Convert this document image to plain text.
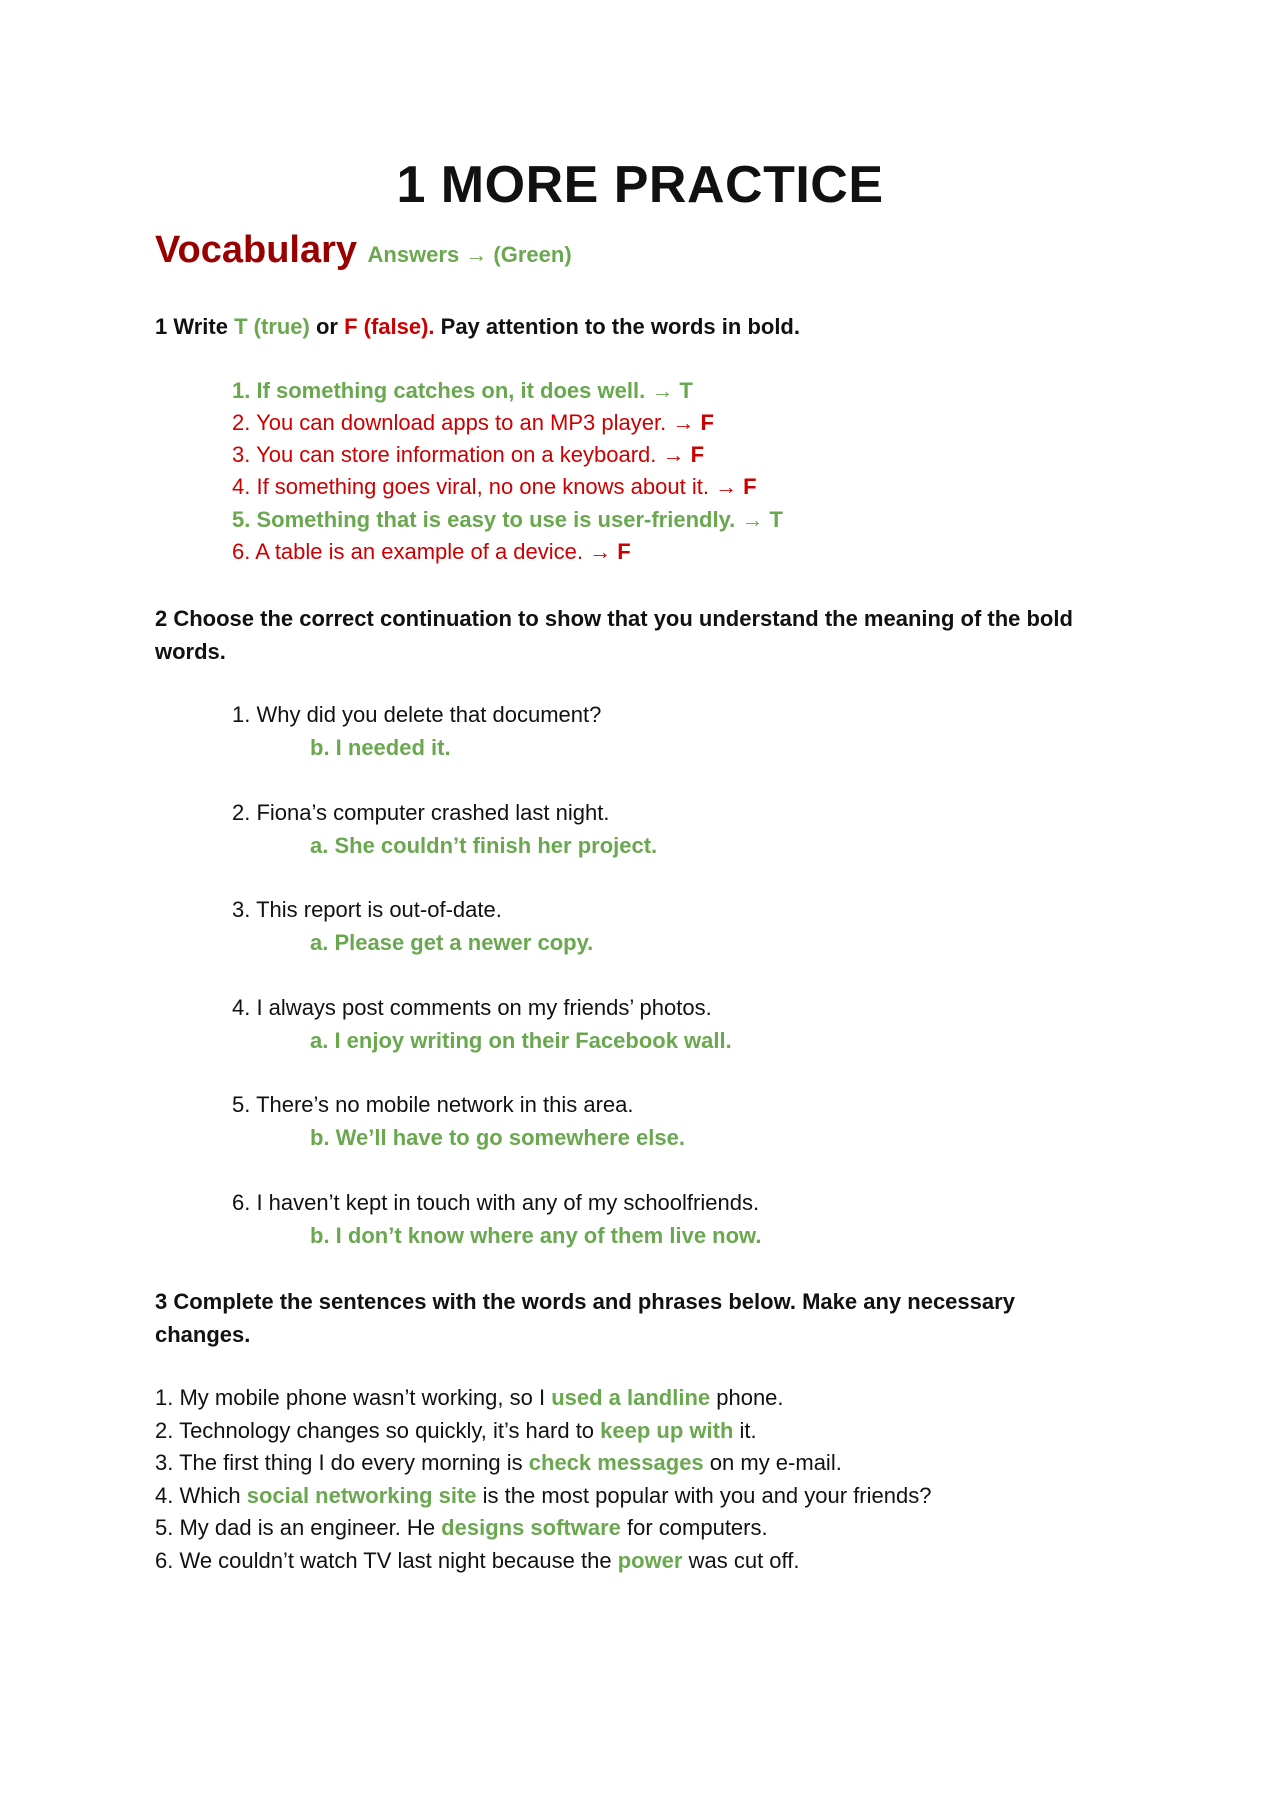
1 MORE PRACTICE
Vocabulary Answers → (Green)

1 Write T (true) or F (false). Pay attention to the words in bold.

1. If something catches on, it does well. → T
2. You can download apps to an MP3 player. → F
3. You can store information on a keyboard. → F
4. If something goes viral, no one knows about it. → F
5. Something that is easy to use is user-friendly. → T
6. A table is an example of a device. → F

2 Choose the correct continuation to show that you understand the meaning of the bold words.

1. Why did you delete that document?
b. I needed it.
2. Fiona’s computer crashed last night.
a. She couldn’t finish her project.
3. This report is out-of-date.
a. Please get a newer copy.
4. I always post comments on my friends’ photos.
a. I enjoy writing on their Facebook wall.
5. There’s no mobile network in this area.
b. We’ll have to go somewhere else.
6. I haven’t kept in touch with any of my schoolfriends.
b. I don’t know where any of them live now.

3 Complete the sentences with the words and phrases below. Make any necessary changes.

1. My mobile phone wasn’t working, so I used a landline phone.
2. Technology changes so quickly, it’s hard to keep up with it.
3. The first thing I do every morning is check messages on my e-mail.
4. Which social networking site is the most popular with you and your friends?
5. My dad is an engineer. He designs software for computers.
6. We couldn’t watch TV last night because the power was cut off.
